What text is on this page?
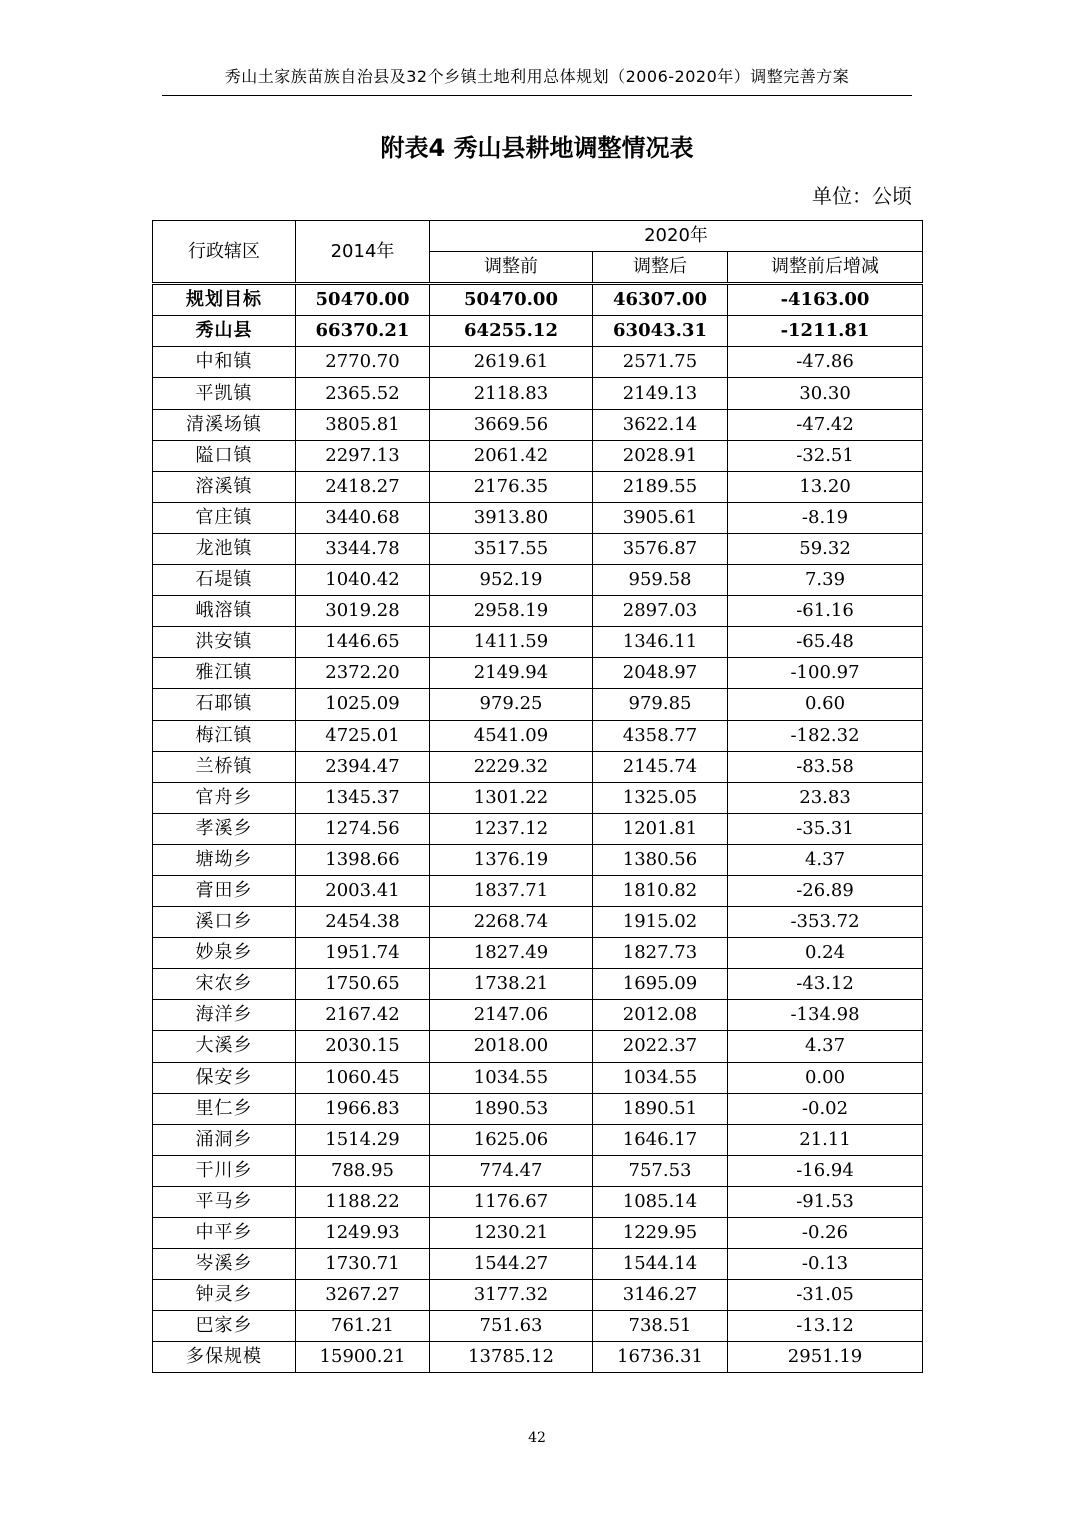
秀山土家族苗族自治县及32个乡镇土地利用总体规划（2006-2020年）调整完善方案
附表4 秀山县耕地调整情况表
单位：公顷
行政辖区	2014年	2020年		
		调整前	调整后	调整前后增减
规划目标	50470.00	50470.00	46307.00	-4163.00
秀山县	66370.21	64255.12	63043.31	-1211.81
中和镇	2770.70	2619.61	2571.75	-47.86
平凯镇	2365.52	2118.83	2149.13	30.30
清溪场镇	3805.81	3669.56	3622.14	-47.42
隘口镇	2297.13	2061.42	2028.91	-32.51
溶溪镇	2418.27	2176.35	2189.55	13.20
官庄镇	3440.68	3913.80	3905.61	-8.19
龙池镇	3344.78	3517.55	3576.87	59.32
石堤镇	1040.42	952.19	959.58	7.39
峨溶镇	3019.28	2958.19	2897.03	-61.16
洪安镇	1446.65	1411.59	1346.11	-65.48
雅江镇	2372.20	2149.94	2048.97	-100.97
石耶镇	1025.09	979.25	979.85	0.60
梅江镇	4725.01	4541.09	4358.77	-182.32
兰桥镇	2394.47	2229.32	2145.74	-83.58
官舟乡	1345.37	1301.22	1325.05	23.83
孝溪乡	1274.56	1237.12	1201.81	-35.31
塘坳乡	1398.66	1376.19	1380.56	4.37
膏田乡	2003.41	1837.71	1810.82	-26.89
溪口乡	2454.38	2268.74	1915.02	-353.72
妙泉乡	1951.74	1827.49	1827.73	0.24
宋农乡	1750.65	1738.21	1695.09	-43.12
海洋乡	2167.42	2147.06	2012.08	-134.98
大溪乡	2030.15	2018.00	2022.37	4.37
保安乡	1060.45	1034.55	1034.55	0.00
里仁乡	1966.83	1890.53	1890.51	-0.02
涌洞乡	1514.29	1625.06	1646.17	21.11
干川乡	788.95	774.47	757.53	-16.94
平马乡	1188.22	1176.67	1085.14	-91.53
中平乡	1249.93	1230.21	1229.95	-0.26
岑溪乡	1730.71	1544.27	1544.14	-0.13
钟灵乡	3267.27	3177.32	3146.27	-31.05
巴家乡	761.21	751.63	738.51	-13.12
多保规模	15900.21	13785.12	16736.31	2951.19
42
